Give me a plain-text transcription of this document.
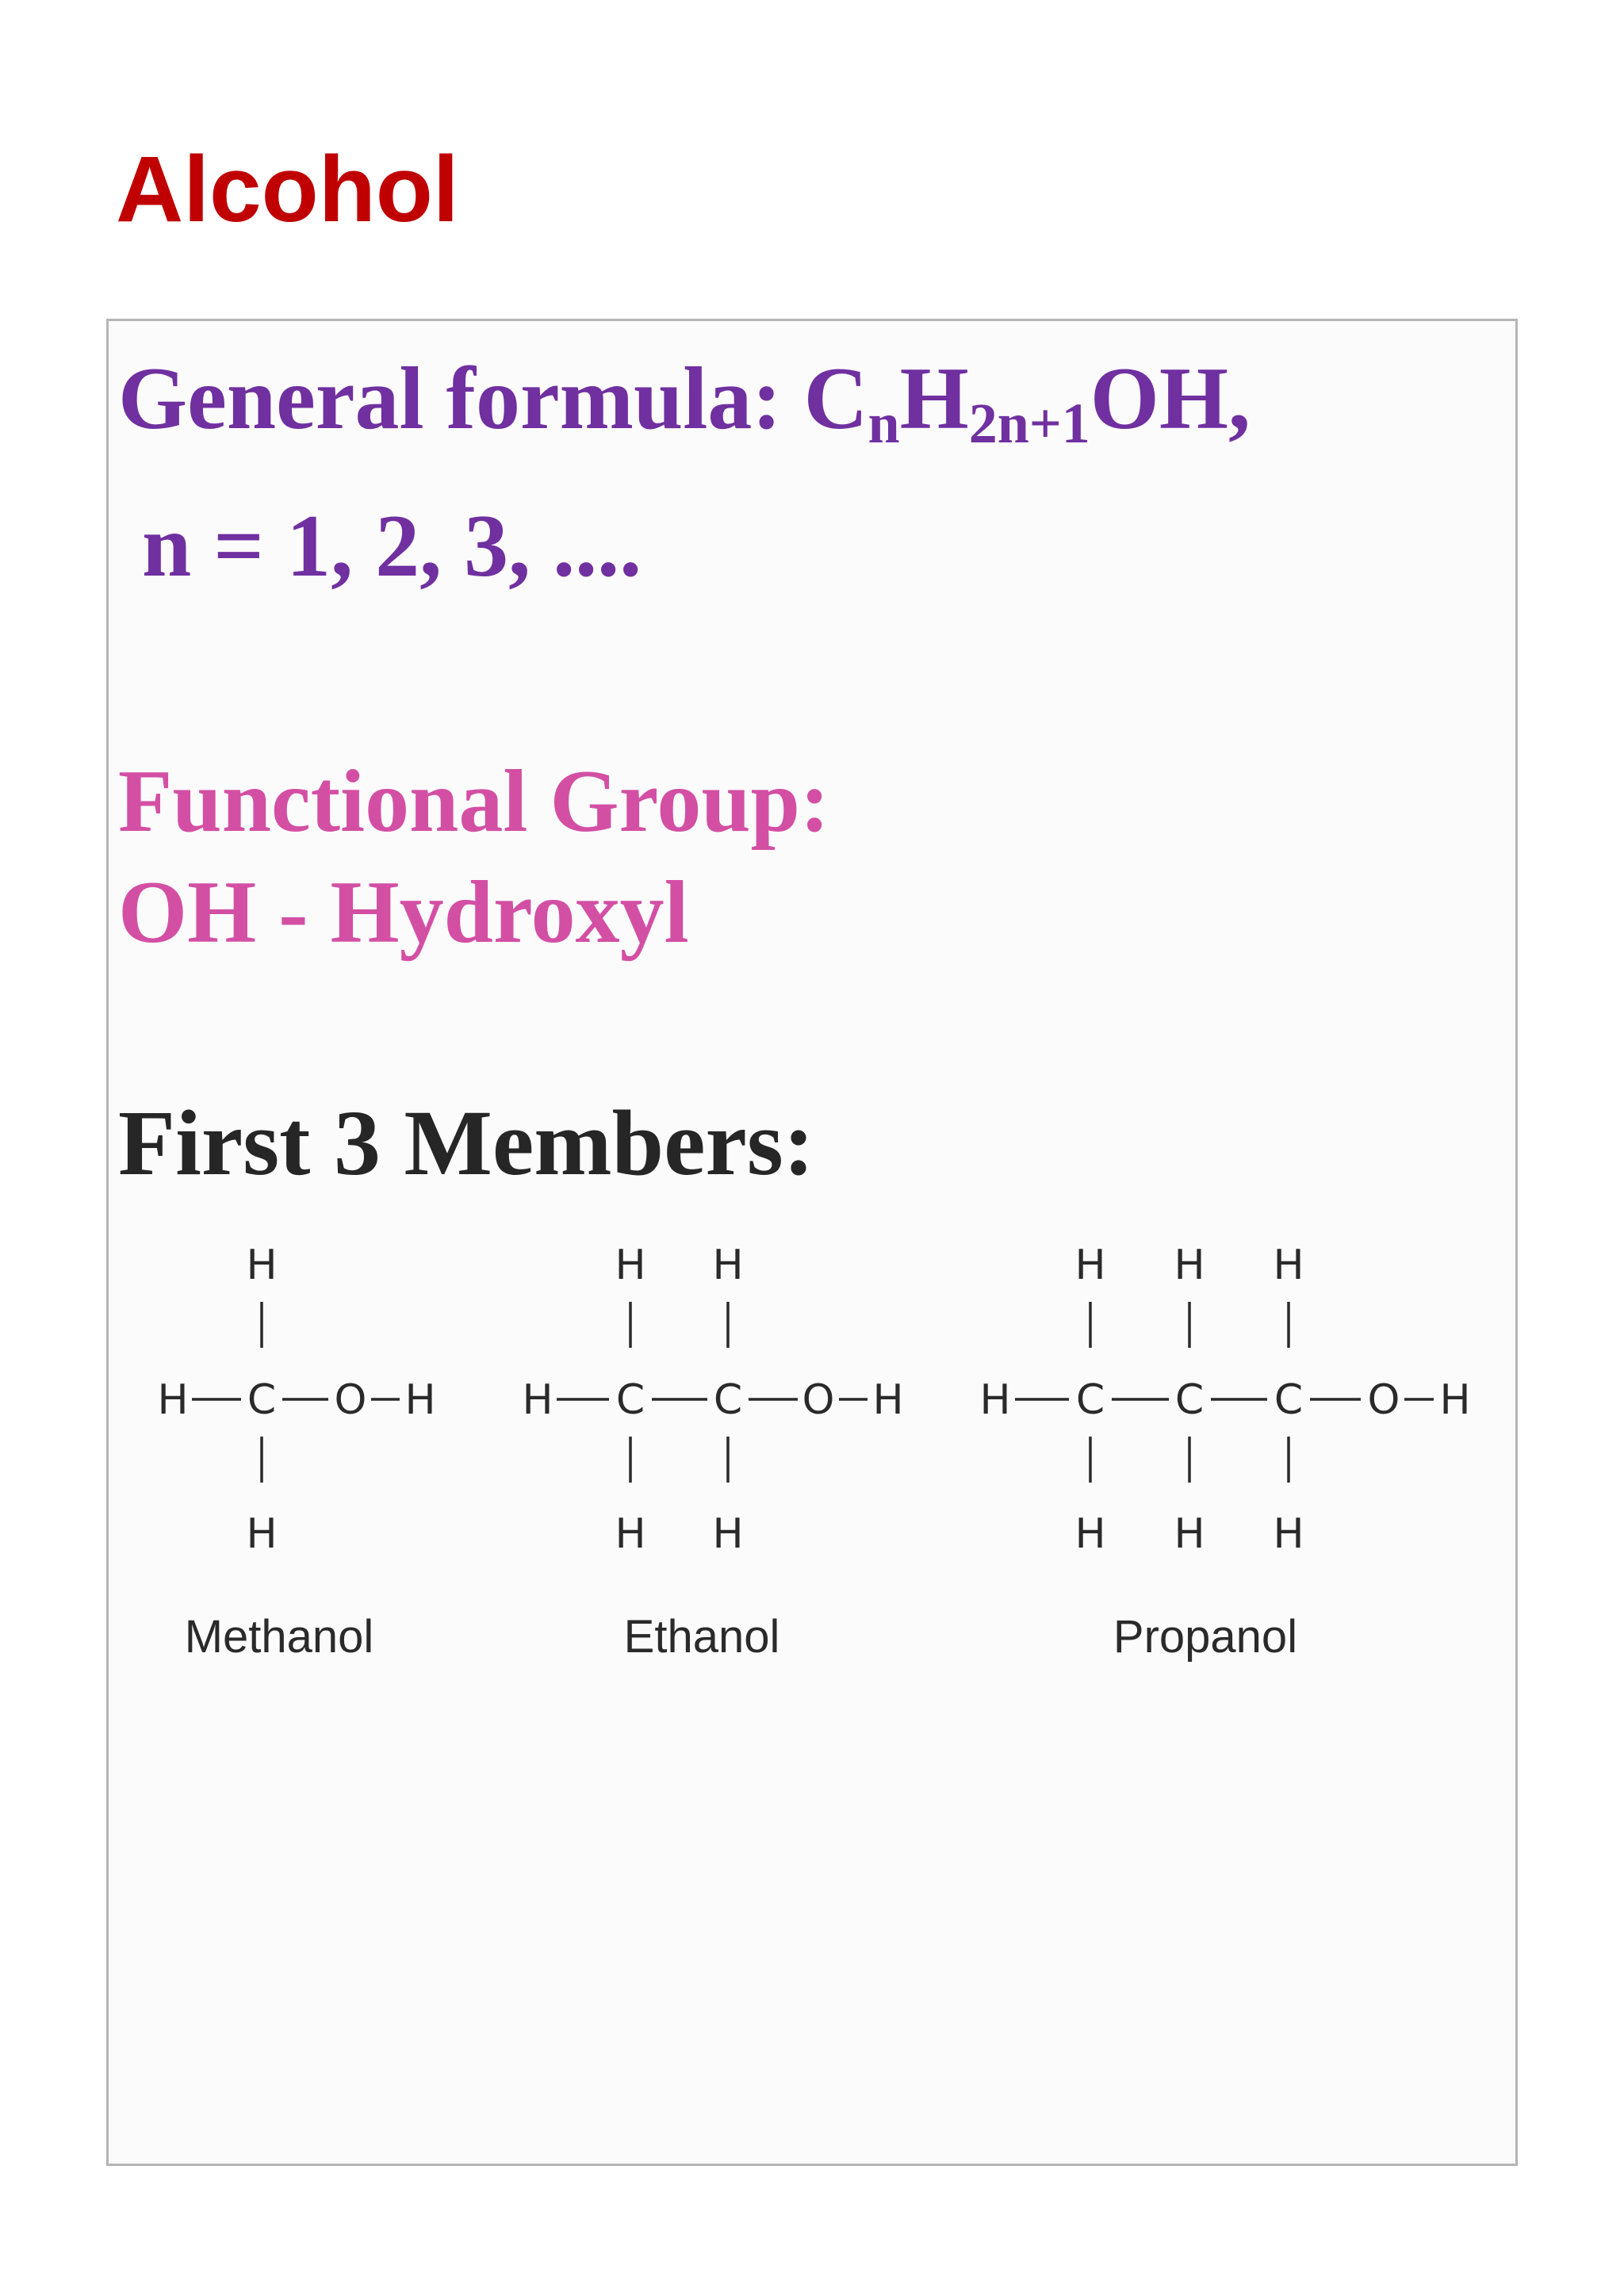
Alcohol

General formula: $C_nH_{2n+1}OH$,

n = 1, 2, 3, ....

Functional Group:

OH - Hydroxyl

First 3 Members:

H
H C O H
H
Methanol
H H
H C C O H
H H
Ethanol
H H H
H C C C O H
H H H
Propanol
